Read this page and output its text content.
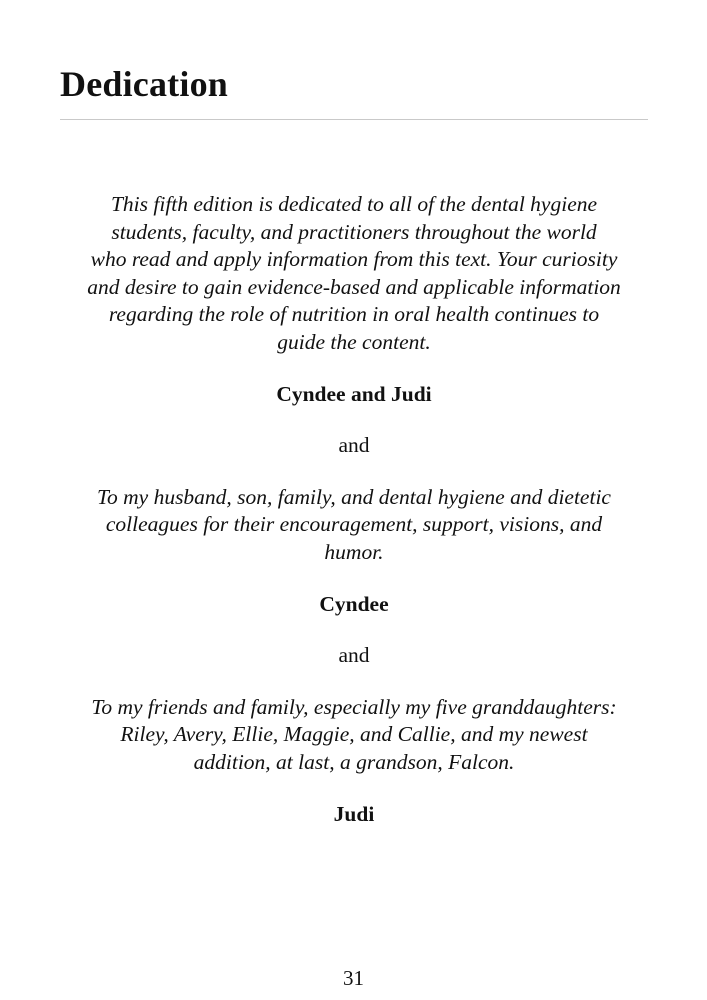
Dedication

This fifth edition is dedicated to all of the dental hygiene
students, faculty, and practitioners throughout the world
who read and apply information from this text. Your curiosity
and desire to gain evidence-based and applicable information
regarding the role of nutrition in oral health continues to
guide the content.

Cyndee and Judi

and

To my husband, son, family, and dental hygiene and dietetic
colleagues for their encouragement, support, visions, and
humor.

Cyndee

and

To my friends and family, especially my five granddaughters:
Riley, Avery, Ellie, Maggie, and Callie, and my newest
addition, at last, a grandson, Falcon.

Judi

31
